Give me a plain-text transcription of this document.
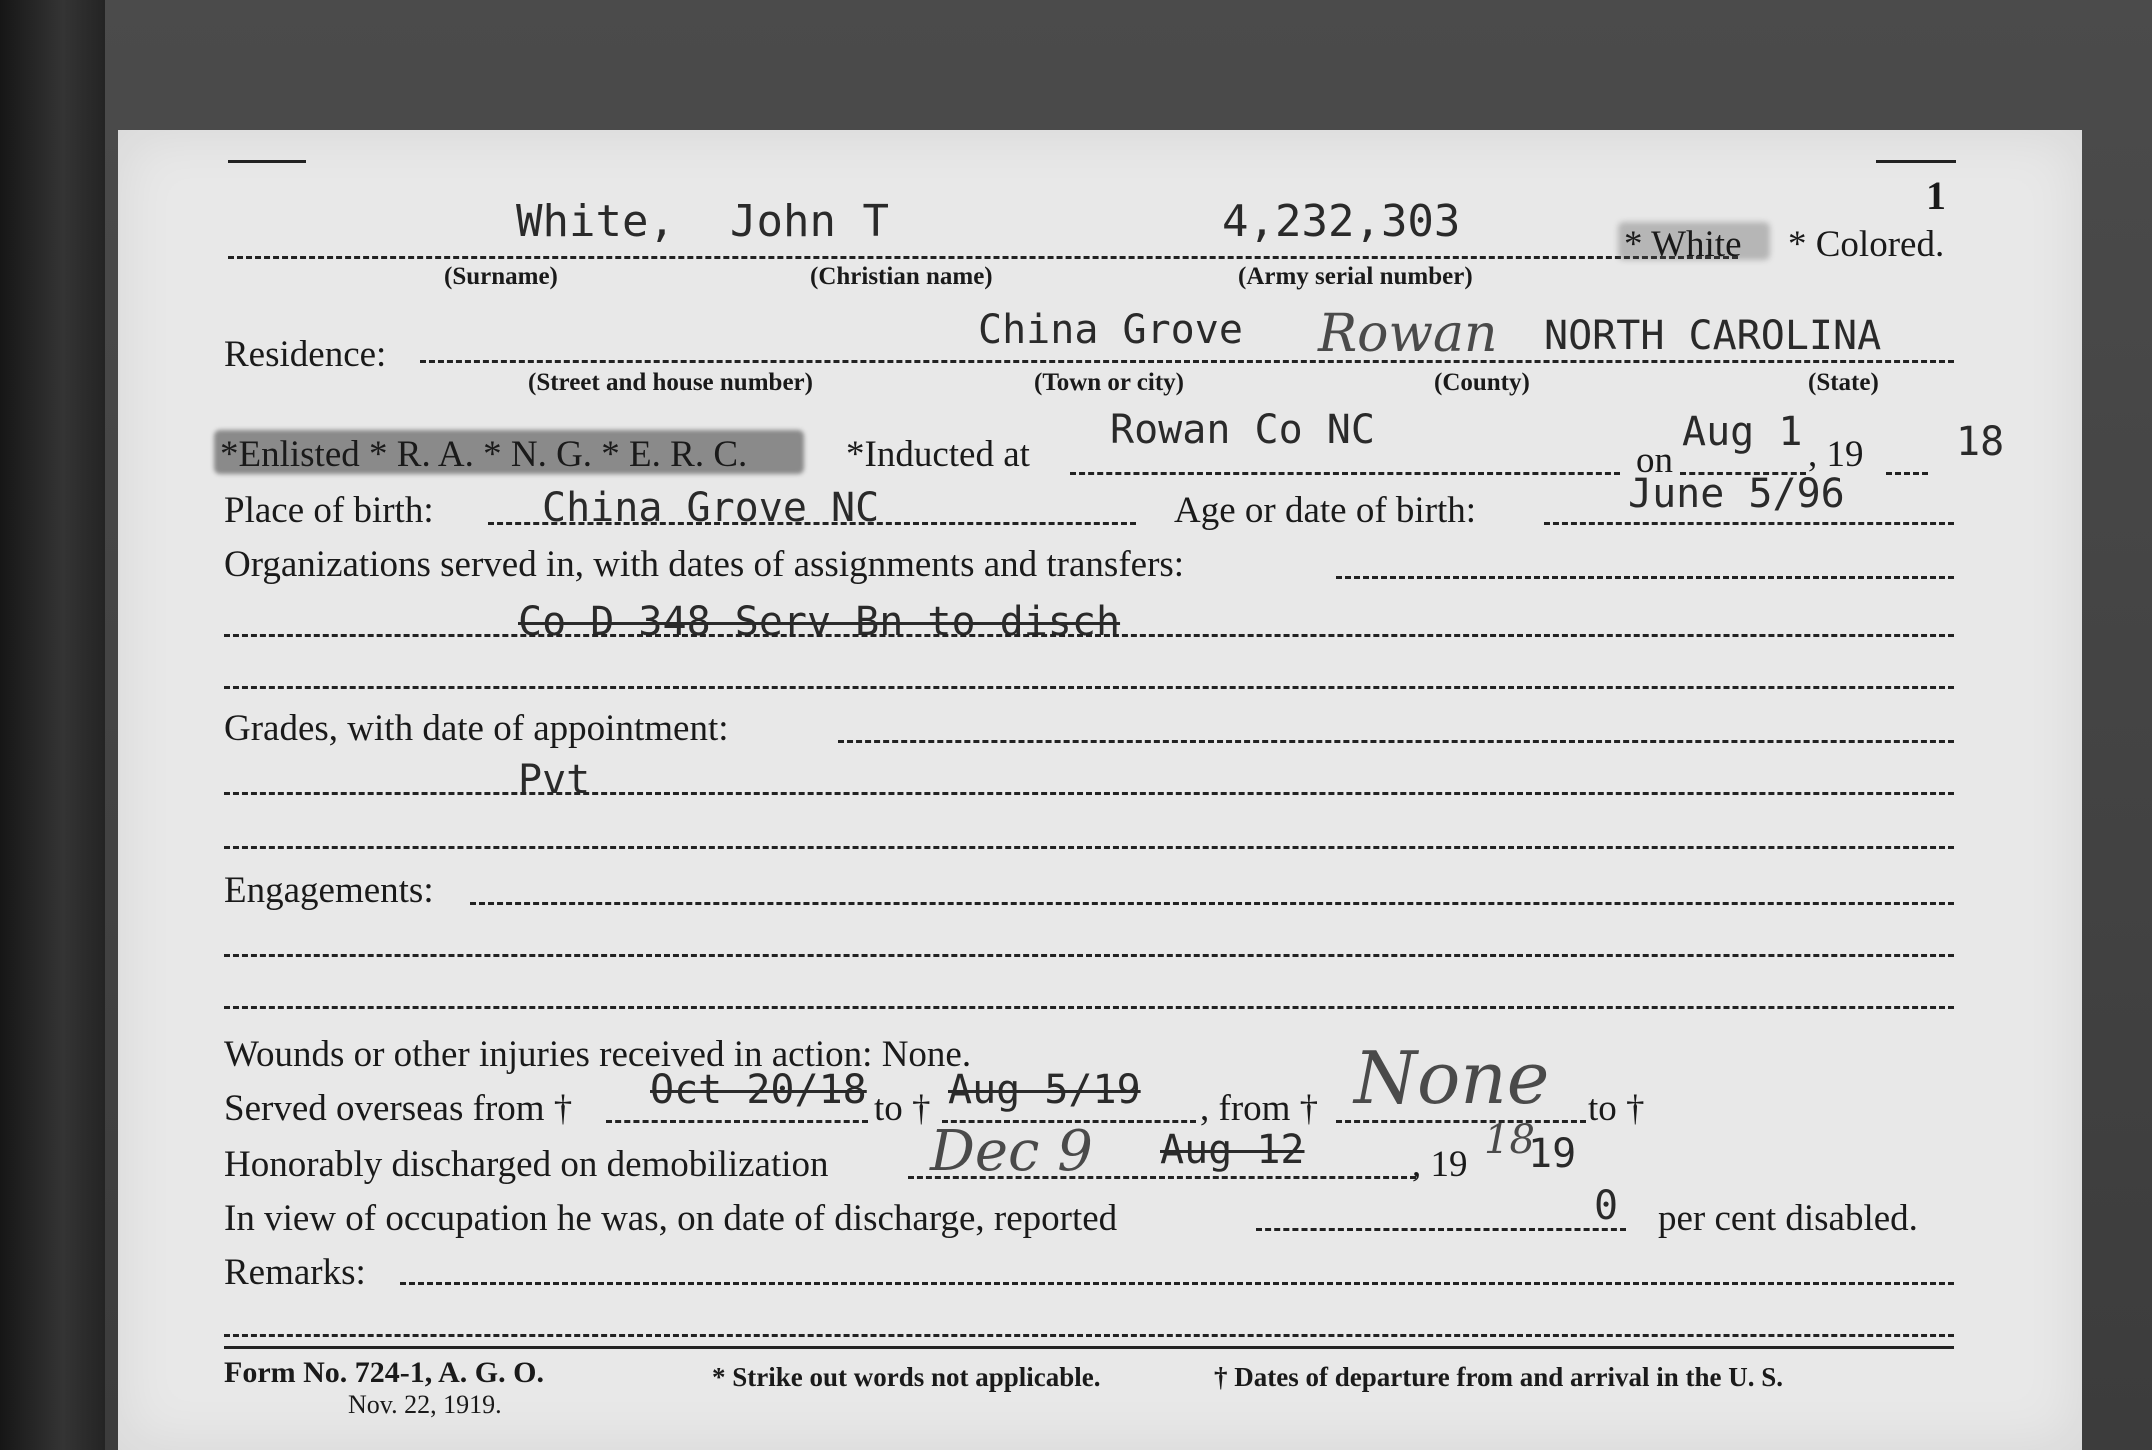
1
White, John T	4,232,303	* White * Colored.
(Surname)	(Christian name)	(Army serial number)
Residence:
China Grove Rowan NORTH CAROLINA
(Street and house number)	(Town or city)	(County)	(State)
*Enlisted * R. A. * N. G. * E. R. C.	*Inducted at
Rowan Co NC
on
Aug 1 , 19 18
Place of birth:	China Grove NC	Age or date of birth:	June 5/96
Organizations served in, with dates of assignments and transfers:
Co D 348 Serv Bn to disch
Grades, with date of appointment:
Pvt
Engagements:
Wounds or other injuries received in action: None.
Served overseas from † Oct 20/18 to † Aug 5/19 , from † None to †
Honorably discharged on demobilization Dec 9 Aug 12	, 19
18
19
In view of occupation he was, on date of discharge, reported	0 per cent disabled.
Remarks:
Form No. 724-1, A. G. O.
Nov. 22, 1919.
* Strike out words not applicable.	† Dates of departure from and arrival in the U. S.
